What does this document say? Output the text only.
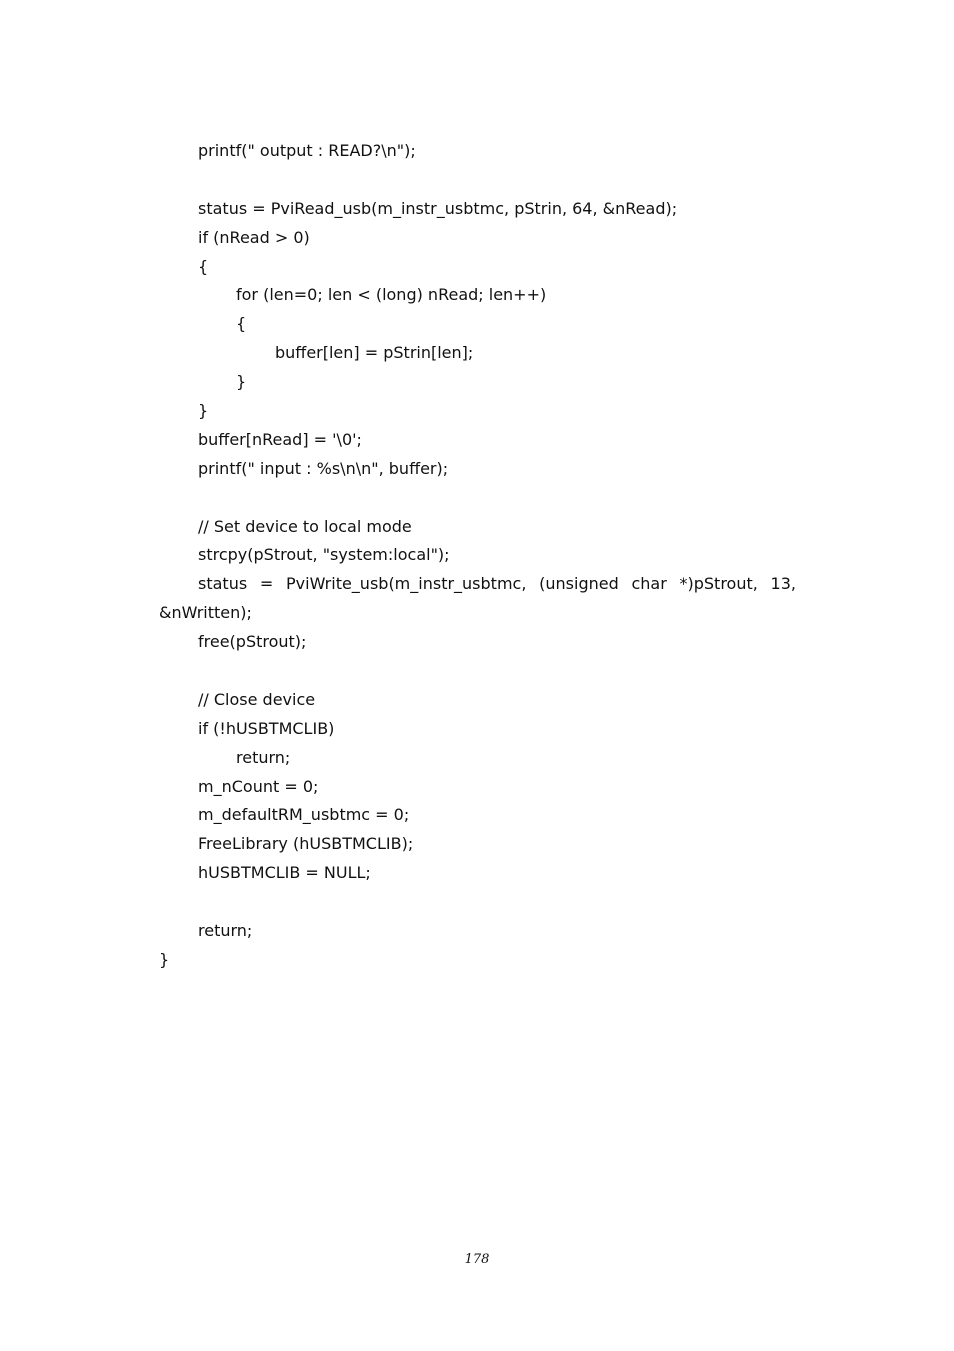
printf(" output : READ?\n");
status = PviRead_usb(m_instr_usbtmc, pStrin, 64, &nRead);
if (nRead > 0)
{
for (len=0; len < (long) nRead; len++)
{
buffer[len] = pStrin[len];
}
}
buffer[nRead] = '\0';
printf(" input : %s\n\n", buffer);
// Set device to local mode
strcpy(pStrout, "system:local");
status = PviWrite_usb(m_instr_usbtmc, (unsigned char *)pStrout, 13,
&nWritten);
free(pStrout);
// Close device
if (!hUSBTMCLIB)
return;
m_nCount = 0;
m_defaultRM_usbtmc = 0;
FreeLibrary (hUSBTMCLIB);
hUSBTMCLIB = NULL;
return;
}
178
